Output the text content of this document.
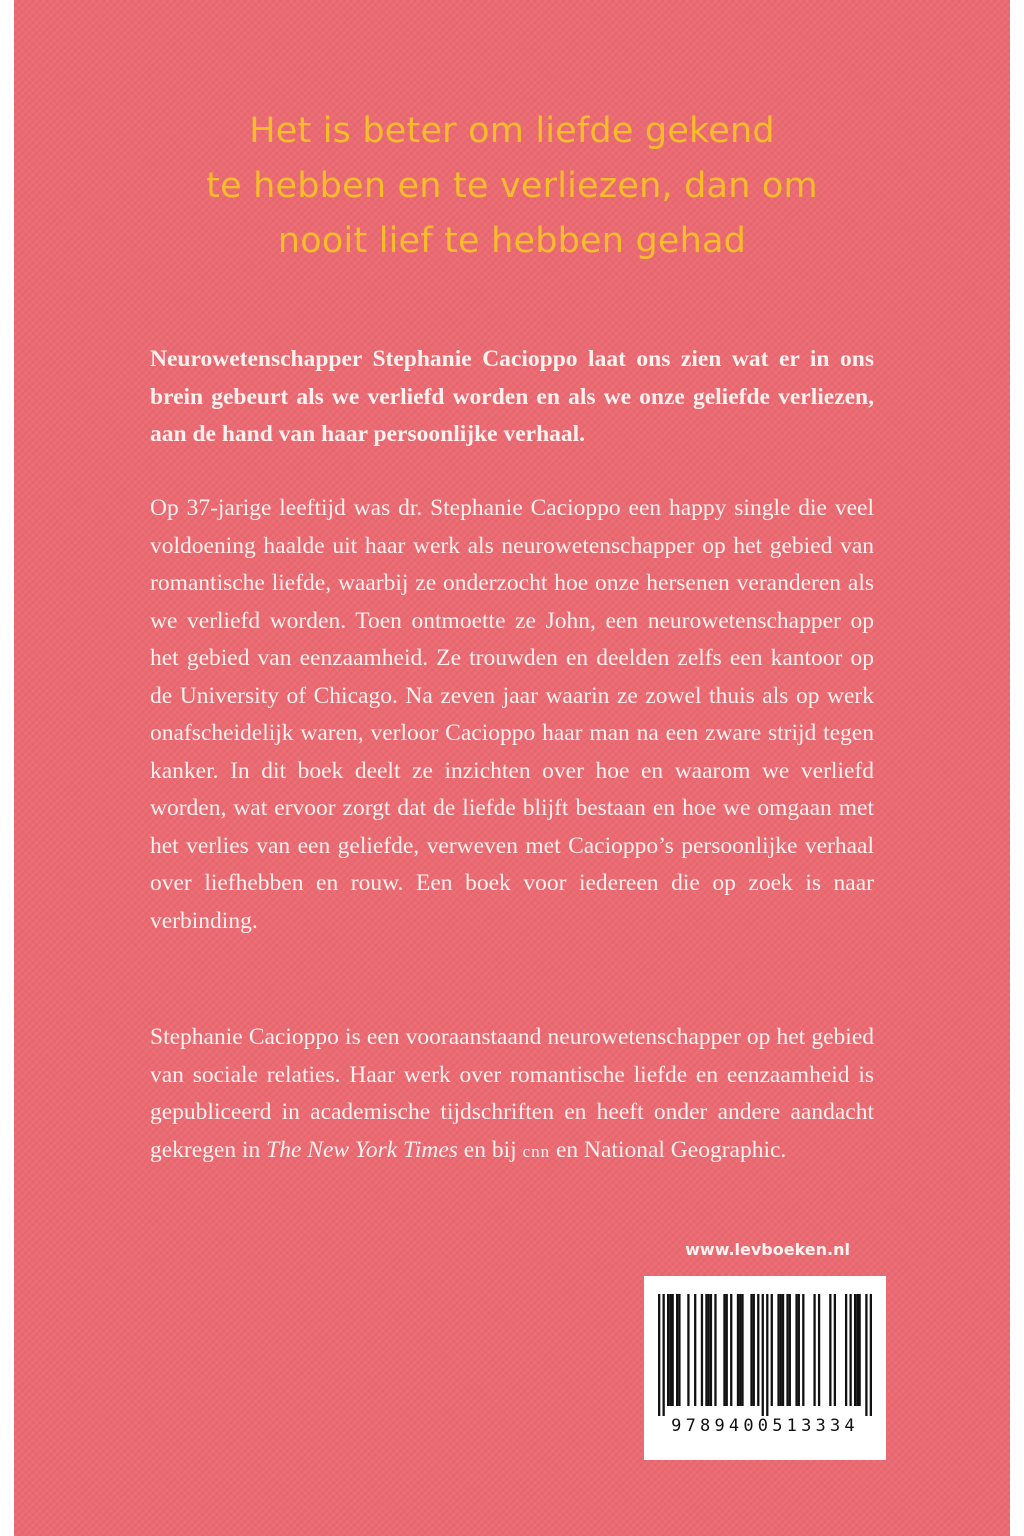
Het is beter om liefde gekend
te hebben en te verliezen, dan om
nooit lief te hebben gehad

Neurowetenschapper Stephanie Cacioppo laat ons zien wat er in ons brein gebeurt als we verliefd worden en als we onze geliefde verliezen, aan de hand van haar persoonlijke verhaal.

Op 37-jarige leeftijd was dr. Stephanie Cacioppo een happy single die veel voldoening haalde uit haar werk als neurowetenschapper op het gebied van romantische liefde, waarbij ze onderzocht hoe onze hersenen veranderen als we verliefd worden. Toen ontmoette ze John, een neurowetenschapper op het gebied van eenzaamheid. Ze trouwden en deelden zelfs een kantoor op de University of Chicago. Na zeven jaar waarin ze zowel thuis als op werk onafscheidelijk waren, verloor Cacioppo haar man na een zware strijd tegen kanker. In dit boek deelt ze inzichten over hoe en waarom we verliefd worden, wat ervoor zorgt dat de liefde blijft bestaan en hoe we omgaan met het verlies van een geliefde, verweven met Cacioppo’s persoonlijke verhaal over liefhebben en rouw. Een boek voor iedereen die op zoek is naar verbinding.

Stephanie Cacioppo is een vooraanstaand neurowetenschapper op het gebied van sociale relaties. Haar werk over romantische liefde en eenzaamheid is gepubliceerd in academische tijdschriften en heeft onder andere aandacht gekregen in The New York Times en bij cnn en National Geographic.

www.levboeken.nl

9789400513334
